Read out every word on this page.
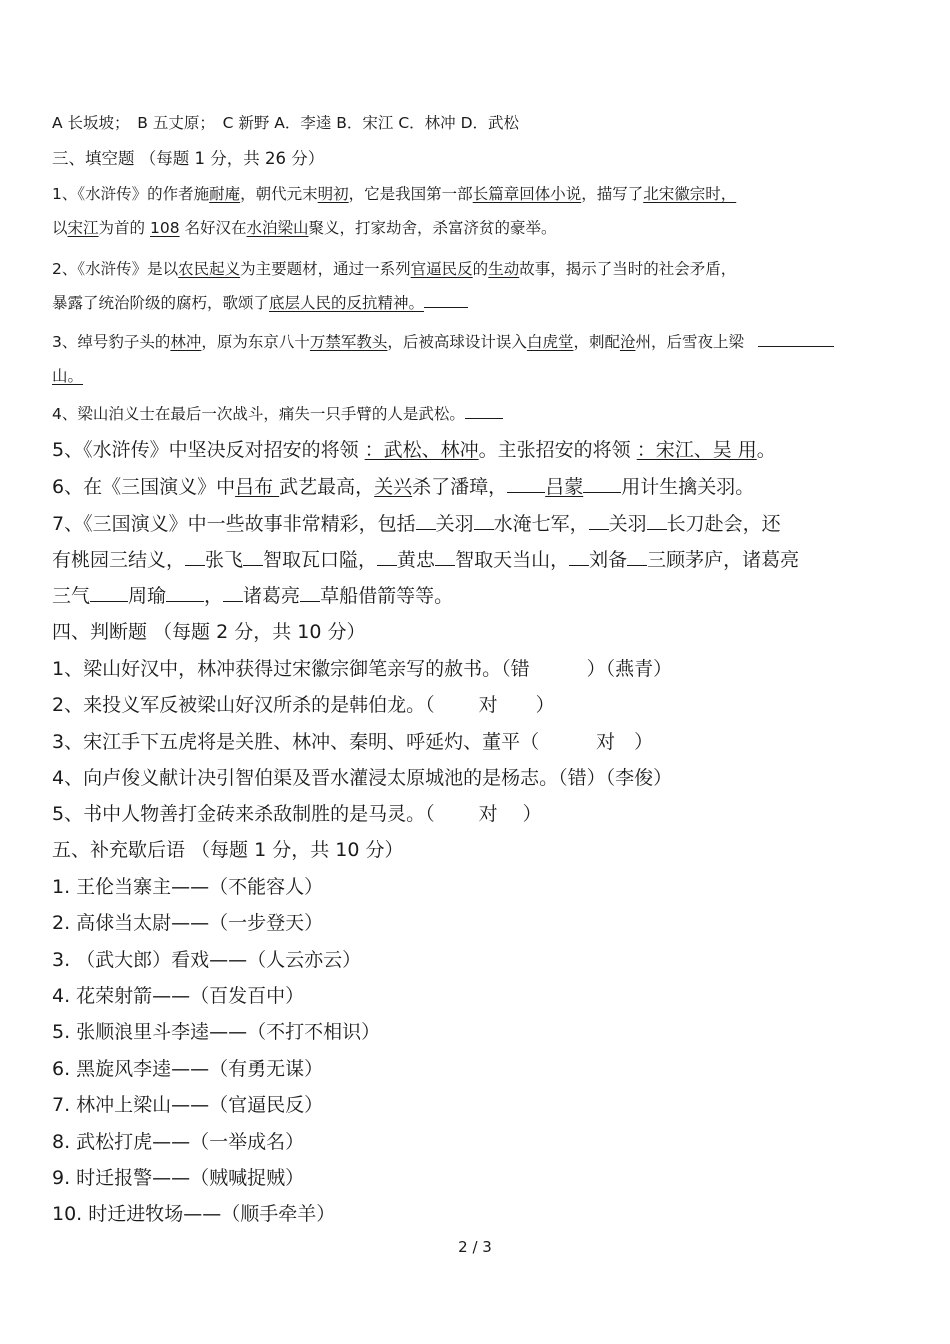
A 长坂坡；　B 五丈原；　C 新野 A．李逵 B．宋江 C．林冲 D．武松
三、填空题 （每题 1 分，共 26 分）
1、《水浒传》的作者施耐庵，朝代元末明初，它是我国第一部长篇章回体小说，描写了北宋徽宗时，
以宋江为首的 108 名好汉在水泊梁山聚义，打家劫舍，杀富济贫的豪举。
2、《水浒传》是以农民起义为主要题材，通过一系列官逼民反的生动故事，揭示了当时的社会矛盾，
暴露了统治阶级的腐朽，歌颂了底层人民的反抗精神。
3、绰号豹子头的林冲，原为东京八十万禁军教头，后被高球设计误入白虎堂，刺配沧州，后雪夜上梁
山。
4、梁山泊义士在最后一次战斗，痛失一只手臂的人是武松。
5、《水浒传》中坚决反对招安的将领 ：武松、林冲。主张招安的将领 ：宋江、吴 用。
6、在《三国演义》中吕布 武艺最高，关兴杀了潘璋， 吕蒙 用计生擒关羽。
7、《三国演义》中一些故事非常精彩，包括 关羽 水淹七军， 关羽 长刀赴会，还
有桃园三结义， 张飞 智取瓦口隘， 黄忠 智取天当山， 刘备 三顾茅庐，诸葛亮
三气 周瑜 ， 诸葛亮 草船借箭等等。
四、判断题 （每题 2 分，共 10 分）
1、梁山好汉中，林冲获得过宋徽宗御笔亲写的赦书。（错　　　）（燕青）
2、来投义军反被梁山好汉所杀的是韩伯龙。（　　 对　　）
3、宋江手下五虎将是关胜、林冲、秦明、呼延灼、董平（　　　对　）
4、向卢俊义献计决引智伯渠及晋水灌浸太原城池的是杨志。（错）（李俊）
5、书中人物善打金砖来杀敌制胜的是马灵。（　　 对　 ）
五、补充歇后语 （每题 1 分，共 10 分）
1. 王伦当寨主——（不能容人）
2. 高俅当太尉——（一步登天）
3. （武大郎）看戏——（人云亦云）
4. 花荣射箭——（百发百中）
5. 张顺浪里斗李逵——（不打不相识）
6. 黑旋风李逵——（有勇无谋）
7. 林冲上梁山——（官逼民反）
8. 武松打虎——（一举成名）
9. 时迁报警——（贼喊捉贼）
10. 时迁进牧场——（顺手牵羊）
2 / 3
